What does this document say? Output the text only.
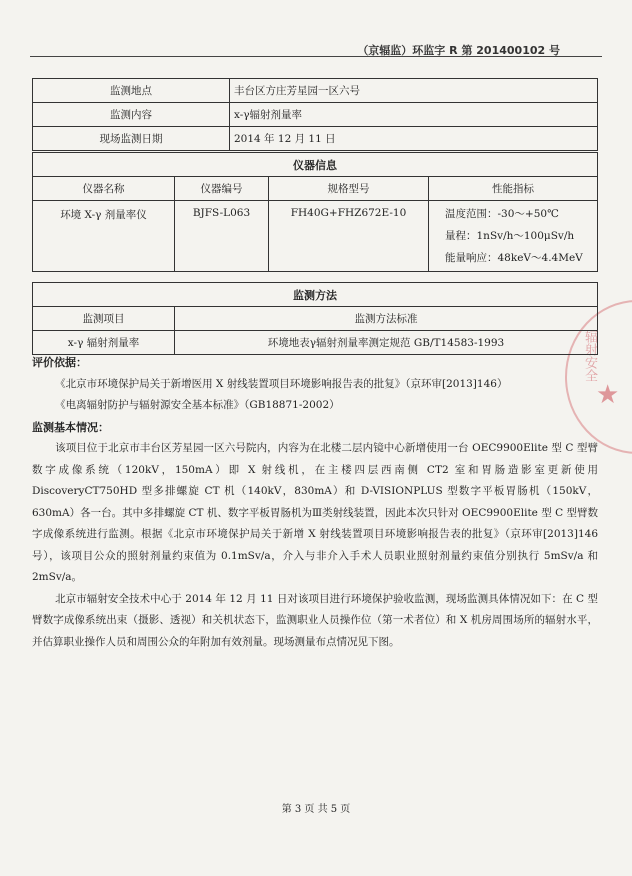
（京辐监）环监字 R 第 201400102 号
辐射安全
★
监测地点	丰台区方庄芳星园一区六号
监测内容	x-γ辐射剂量率
现场监测日期	2014 年 12 月 11 日
仪器信息			
仪器名称	仪器编号	规格型号	性能指标
环境 X-γ 剂量率仪	BJFS-L063	FH40G+FHZ672E-10	温度范围：-30～+50℃
量程：1nSv/h～100μSv/h
能量响应：48keV～4.4MeV
监测方法	
监测项目	监测方法标准
x-γ 辐射剂量率	环境地表γ辐射剂量率测定规范 GB/T14583-1993
评价依据：

《北京市环境保护局关于新增医用 X 射线装置项目环境影响报告表的批复》（京环审[2013]146）

《电离辐射防护与辐射源安全基本标准》（GB18871-2002）

监测基本情况：

该项目位于北京市丰台区芳星园一区六号院内，内容为在北楼二层内镜中心新增使用一台 OEC9900Elite 型 C 型臂数字成像系统（120kV，150mA）即 X 射线机，在主楼四层西南侧 CT2 室和胃肠造影室更新使用 DiscoveryCT750HD 型多排螺旋 CT 机（140kV，830mA）和 D-VISIONPLUS 型数字平板胃肠机（150kV，630mA）各一台。其中多排螺旋 CT 机、数字平板胃肠机为Ⅲ类射线装置，因此本次只针对 OEC9900Elite 型 C 型臂数字成像系统进行监测。根据《北京市环境保护局关于新增 X 射线装置项目环境影响报告表的批复》（京环审[2013]146 号），该项目公众的照射剂量约束值为 0.1mSv/a，介入与非介入手术人员职业照射剂量约束值分别执行 5mSv/a 和 2mSv/a。

北京市辐射安全技术中心于 2014 年 12 月 11 日对该项目进行环境保护验收监测，现场监测具体情况如下：在 C 型臂数字成像系统出束（摄影、透视）和关机状态下，监测职业人员操作位（第一术者位）和 X 机房周围场所的辐射水平，并估算职业操作人员和周围公众的年附加有效剂量。现场测量布点情况见下图。

第 3 页 共 5 页
